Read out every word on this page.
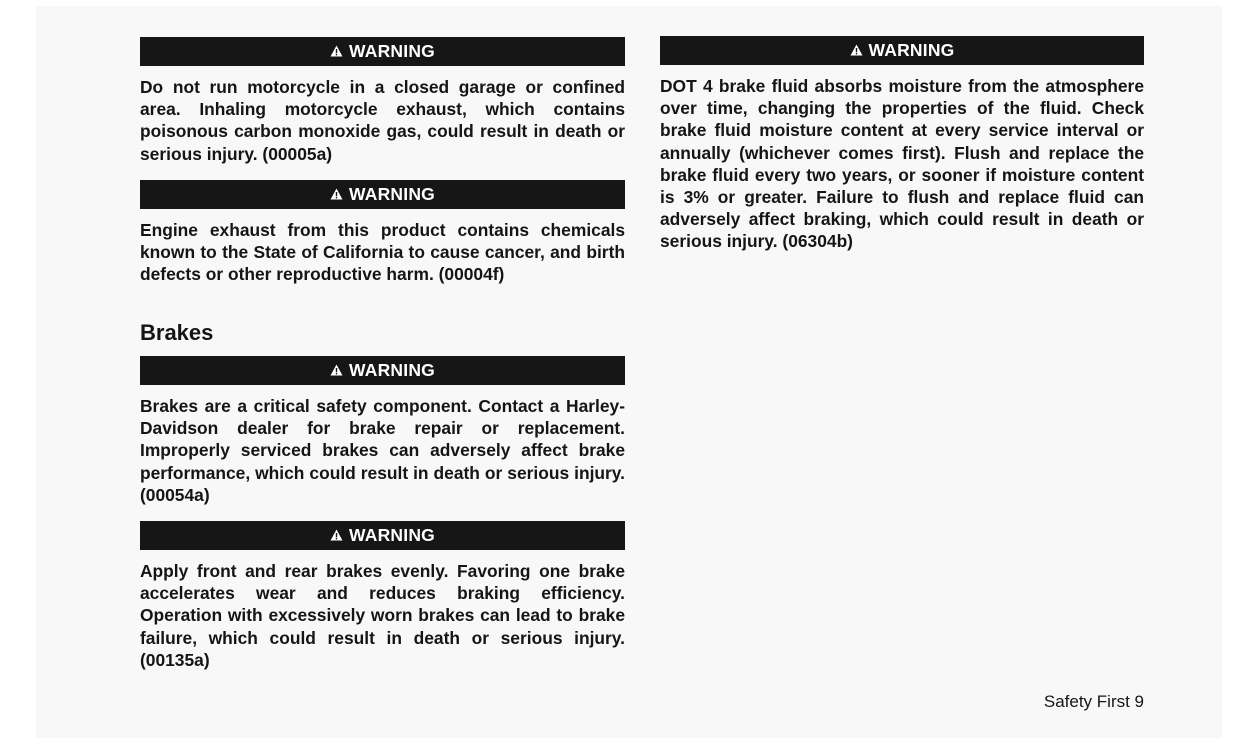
WARNING

Do not run motorcycle in a closed garage or confined area. Inhaling motorcycle exhaust, which contains poisonous carbon monoxide gas, could result in death or serious injury. (00005a)

WARNING

Engine exhaust from this product contains chemicals known to the State of California to cause cancer, and birth defects or other reproductive harm. (00004f)

Brakes
WARNING

Brakes are a critical safety component. Contact a Harley-Davidson dealer for brake repair or replacement. Improperly serviced brakes can adversely affect brake performance, which could result in death or serious injury. (00054a)

WARNING

Apply front and rear brakes evenly. Favoring one brake accelerates wear and reduces braking efficiency. Operation with excessively worn brakes can lead to brake failure, which could result in death or serious injury. (00135a)

WARNING

DOT 4 brake fluid absorbs moisture from the atmosphere over time, changing the properties of the fluid. Check brake fluid moisture content at every service interval or annually (whichever comes first). Flush and replace the brake fluid every two years, or sooner if moisture content is 3% or greater. Failure to flush and replace fluid can adversely affect braking, which could result in death or serious injury. (06304b)

Safety First 9
